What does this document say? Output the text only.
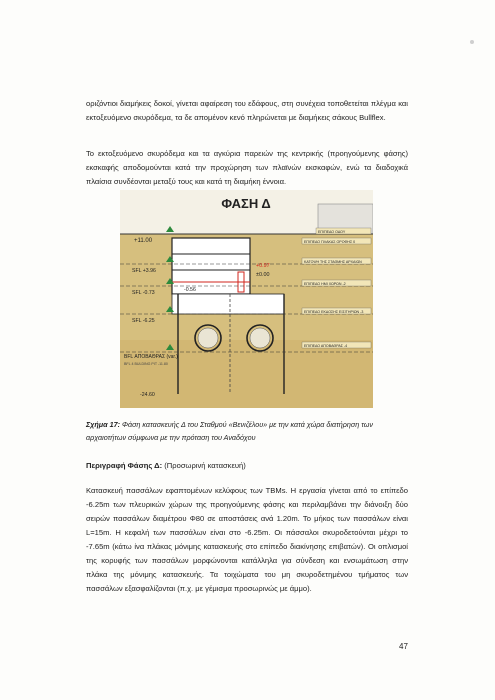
οριζόντιοι διαμήκεις δοκοί, γίνεται αφαίρεση του εδάφους, στη συνέχεια τοποθετείται πλέγμα και εκτοξευόμενο σκυρόδεμα, τα δε απομένον κενό πληρώνεται με διαμήκεις σάκους Bullflex.

Το εκτοξευόμενο σκυρόδεμα και τα αγκύρια παρειών της κεντρικής (προηγούμενης φάσης) εκσκαφής αποδομούνται κατά την προχώρηση των πλαϊνών εκσκαφών, ενώ τα διαδοχικά πλαίσια συνδέονται μεταξύ τους και κατά τη διαμήκη έννοια.

ΦΑΣΗ Δ
+11.00
SFL +3.96
SFL -0.73
SFL -6.25
BFL ΑΠΟΒΑΘΡΑΣ (var.)
-24.60
BFL 4 BULDING PIT -11.80
+0.97
±0.00
-0.56
ΕΠΙΠΕΔΟ ΟΔΟΥ
ΕΠΙΠΕΔΟ ΠΛΑΚΑΣ ΟΡΟΦΗΣ 0
ΚΑΤΟΨΗ ΤΗΣ ΣΤΑΘΜΗΣ ΑΡΧΑΙΩΝ
ΕΠΙΠΕΔΟ ΗΜΙ ΧΩΡΩΝ -2
ΕΠΙΠΕΔΟ ΕΚΔΟΣΗΣ ΕΙΣΙΤΗΡΙΩΝ -3
ΕΠΙΠΕΔΟ ΑΠΟΒΑΘΡΑΣ -4

Σχήμα 17: Φάση κατασκευής Δ του Σταθμού «Βενιζέλου» με την κατά χώρα διατήρηση των αρχαιοτήτων σύμφωνα με την πρόταση του Αναδόχου

Περιγραφή Φάσης Δ: (Προσωρινή κατασκευή)

Κατασκευή πασσάλων εφαπτομένων κελύφους των TBMs. Η εργασία γίνεται από το επίπεδο -6.25m των πλευρικών χώρων της προηγούμενης φάσης και περιλαμβάνει την διάνοιξη δύο σειρών πασσάλων διαμέτρου Φ80 σε αποστάσεις ανά 1.20m. Το μήκος των πασσάλων είναι L=15m. Η κεφαλή των πασσάλων είναι στο -6.25m. Οι πάσσαλοι σκυροδετούνται μέχρι το -7.65m (κάτω ίνα πλάκας μόνιμης κατασκευής στο επίπεδο διακίνησης επιβατών). Οι οπλισμοί της κορυφής των πασσάλων μορφώνονται κατάλληλα για σύνδεση και ενσωμάτωση στην πλάκα της μόνιμης κατασκευής. Τα τοιχώματα του μη σκυροδετημένου τμήματος των πασσάλων εξασφαλίζονται (π.χ. με γέμισμα προσωρινώς με άμμο).

47
